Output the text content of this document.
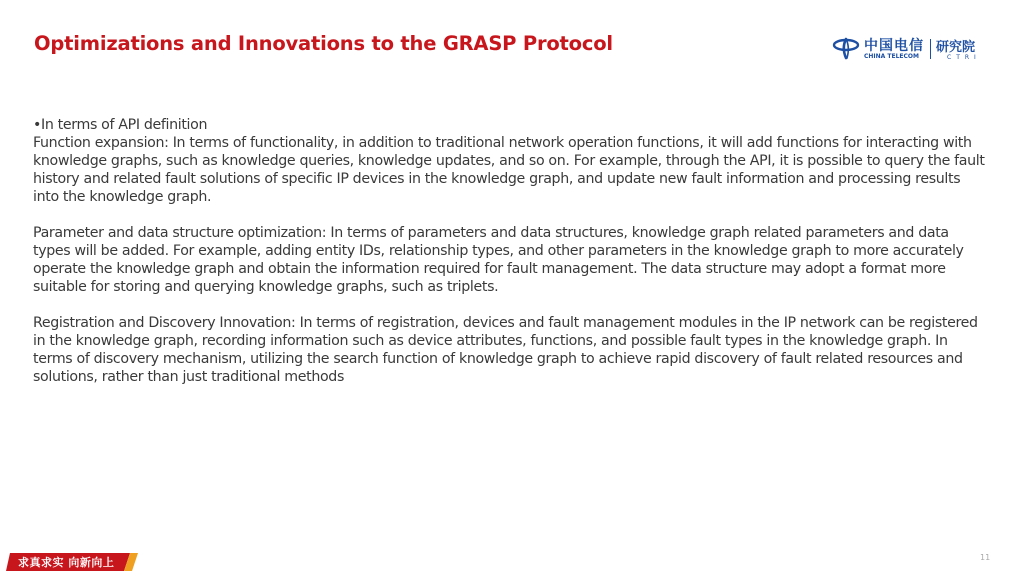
Optimizations and Innovations to the GRASP Protocol	中国电信
CHINA TELECOM
研究院
CTRI

•In terms of API definition

Function expansion: In terms of functionality, in addition to traditional network operation functions, it will add functions for interacting with knowledge graphs, such as knowledge queries, knowledge updates, and so on. For example, through the API, it is possible to query the fault history and related fault solutions of specific IP devices in the knowledge graph, and update new fault information and processing results into the knowledge graph.

Parameter and data structure optimization: In terms of parameters and data structures, knowledge graph related parameters and data types will be added. For example, adding entity IDs, relationship types, and other parameters in the knowledge graph to more accurately operate the knowledge graph and obtain the information required for fault management. The data structure may adopt a format more suitable for storing and querying knowledge graphs, such as triplets.

Registration and Discovery Innovation: In terms of registration, devices and fault management modules in the IP network can be registered in the knowledge graph, recording information such as device attributes, functions, and possible fault types in the knowledge graph. In terms of discovery mechanism, utilizing the search function of knowledge graph to achieve rapid discovery of fault related resources and solutions, rather than just traditional methods

求真求实 向新向上	11
